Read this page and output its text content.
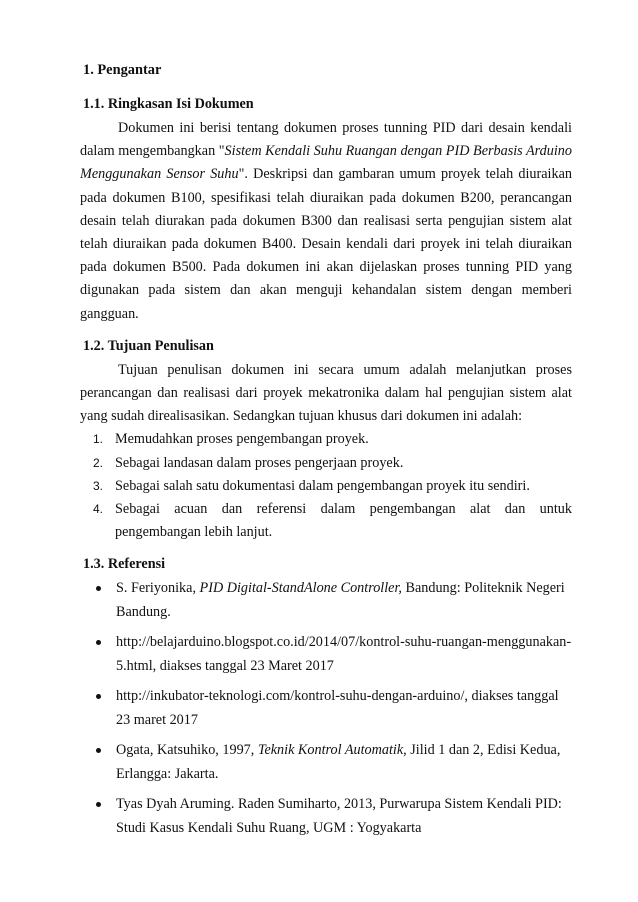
1. Pengantar
1.1. Ringkasan Isi Dokumen

Dokumen ini berisi tentang dokumen proses tunning PID dari desain kendali dalam mengembangkan "Sistem Kendali Suhu Ruangan dengan PID Berbasis Arduino Menggunakan Sensor Suhu". Deskripsi dan gambaran umum proyek telah diuraikan pada dokumen B100, spesifikasi telah diuraikan pada dokumen B200, perancangan desain telah diurakan pada dokumen B300 dan realisasi serta pengujian sistem alat telah diuraikan pada dokumen B400. Desain kendali dari proyek ini telah diuraikan pada dokumen B500. Pada dokumen ini akan dijelaskan proses tunning PID yang digunakan pada sistem dan akan menguji kehandalan sistem dengan memberi gangguan.

1.2. Tujuan Penulisan

Tujuan penulisan dokumen ini secara umum adalah melanjutkan proses perancangan dan realisasi dari proyek mekatronika dalam hal pengujian sistem alat yang sudah direalisasikan. Sedangkan tujuan khusus dari dokumen ini adalah:

1. Memudahkan proses pengembangan proyek.
2. Sebagai landasan dalam proses pengerjaan proyek.
3. Sebagai salah satu dokumentasi dalam pengembangan proyek itu sendiri.
4. Sebagai acuan dan referensi dalam pengembangan alat dan untuk pengembangan lebih lanjut.
1.3. Referensi
S. Feriyonika, PID Digital-StandAlone Controller, Bandung: Politeknik Negeri Bandung.
http://belajarduino.blogspot.co.id/2014/07/kontrol-suhu-ruangan-menggunakan-5.html, diakses tanggal 23 Maret 2017
http://inkubator-teknologi.com/kontrol-suhu-dengan-arduino/, diakses tanggal 23 maret 2017
Ogata, Katsuhiko, 1997, Teknik Kontrol Automatik, Jilid 1 dan 2, Edisi Kedua, Erlangga: Jakarta.
Tyas Dyah Aruming. Raden Sumiharto, 2013, Purwarupa Sistem Kendali PID: Studi Kasus Kendali Suhu Ruang, UGM : Yogyakarta
